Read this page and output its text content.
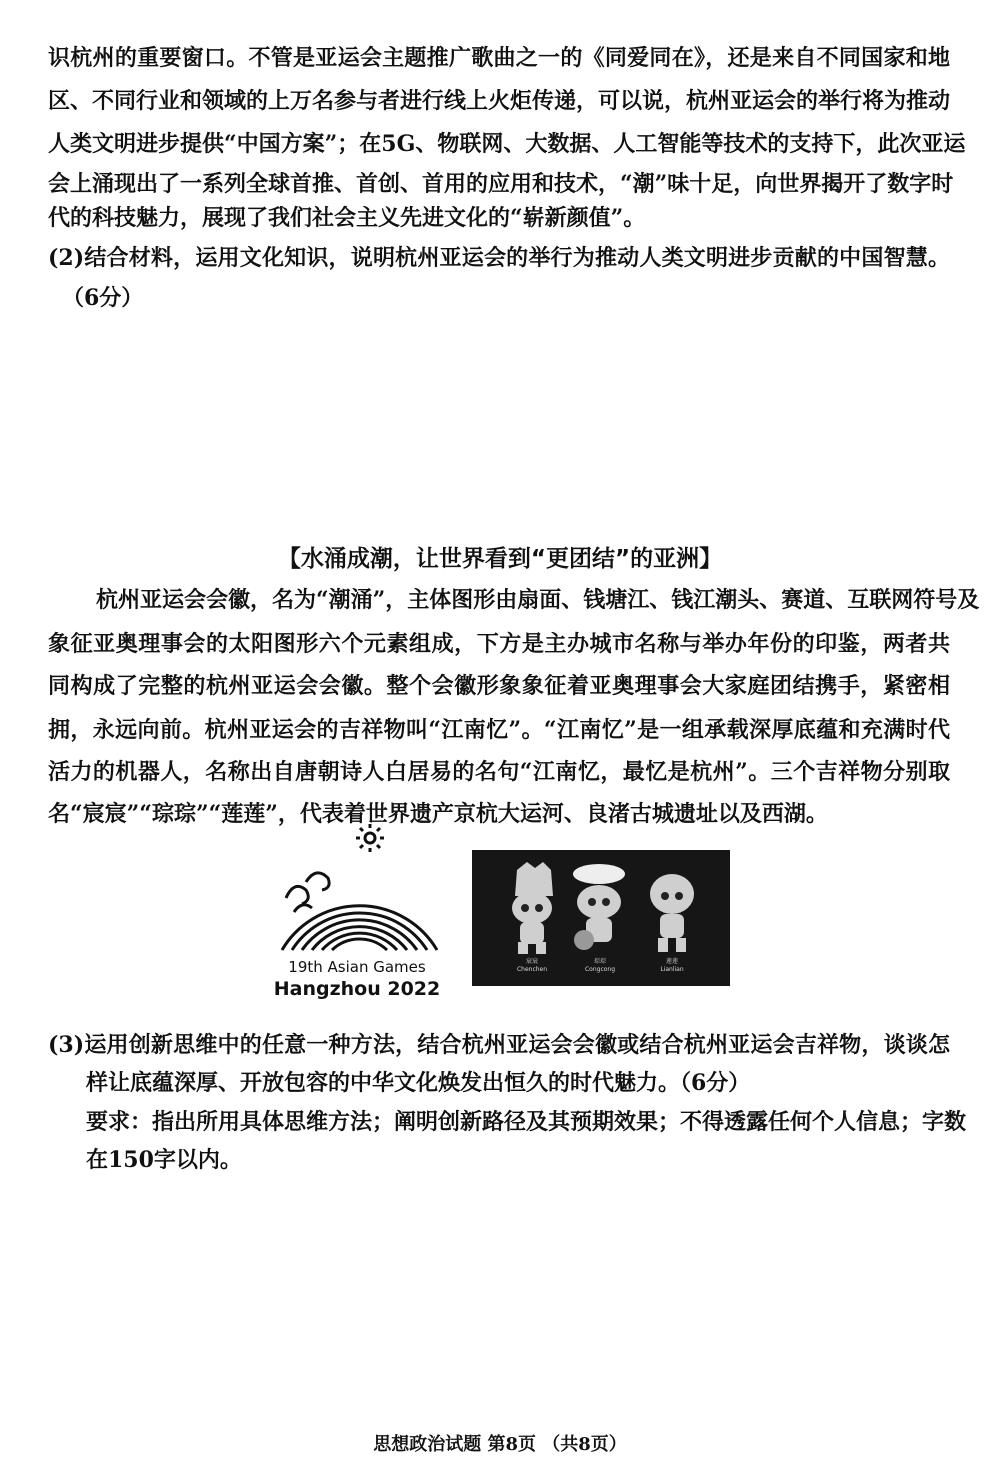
识杭州的重要窗口。不管是亚运会主题推广歌曲之一的《同爱同在》，还是来自不同国家和地
区、不同行业和领域的上万名参与者进行线上火炬传递，可以说，杭州亚运会的举行将为推动
人类文明进步提供“中国方案”；在5G、物联网、大数据、人工智能等技术的支持下，此次亚运
会上涌现出了一系列全球首推、首创、首用的应用和技术，“潮”味十足，向世界揭开了数字时
代的科技魅力，展现了我们社会主义先进文化的“崭新颜值”。
(2)结合材料，运用文化知识，说明杭州亚运会的举行为推动人类文明进步贡献的中国智慧。
（6分）
【水涌成潮，让世界看到“更团结”的亚洲】
杭州亚运会会徽，名为“潮涌”，主体图形由扇面、钱塘江、钱江潮头、赛道、互联网符号及
象征亚奥理事会的太阳图形六个元素组成，下方是主办城市名称与举办年份的印鉴，两者共
同构成了完整的杭州亚运会会徽。整个会徽形象象征着亚奥理事会大家庭团结携手，紧密相
拥，永远向前。杭州亚运会的吉祥物叫“江南忆”。“江南忆”是一组承载深厚底蕴和充满时代
活力的机器人，名称出自唐朝诗人白居易的名句“江南忆，最忆是杭州”。三个吉祥物分别取
名“宸宸”“琮琮”“莲莲”，代表着世界遗产京杭大运河、良渚古城遗址以及西湖。
19th Asian Games
Hangzhou 2022
宸宸
Chenchen
琮琮
Congcong
莲莲
Lianlian
(3)运用创新思维中的任意一种方法，结合杭州亚运会会徽或结合杭州亚运会吉祥物，谈谈怎
样让底蕴深厚、开放包容的中华文化焕发出恒久的时代魅力。（6分）
要求：指出所用具体思维方法；阐明创新路径及其预期效果；不得透露任何个人信息；字数
在150字以内。
思想政治试题 第8页 （共8页）
